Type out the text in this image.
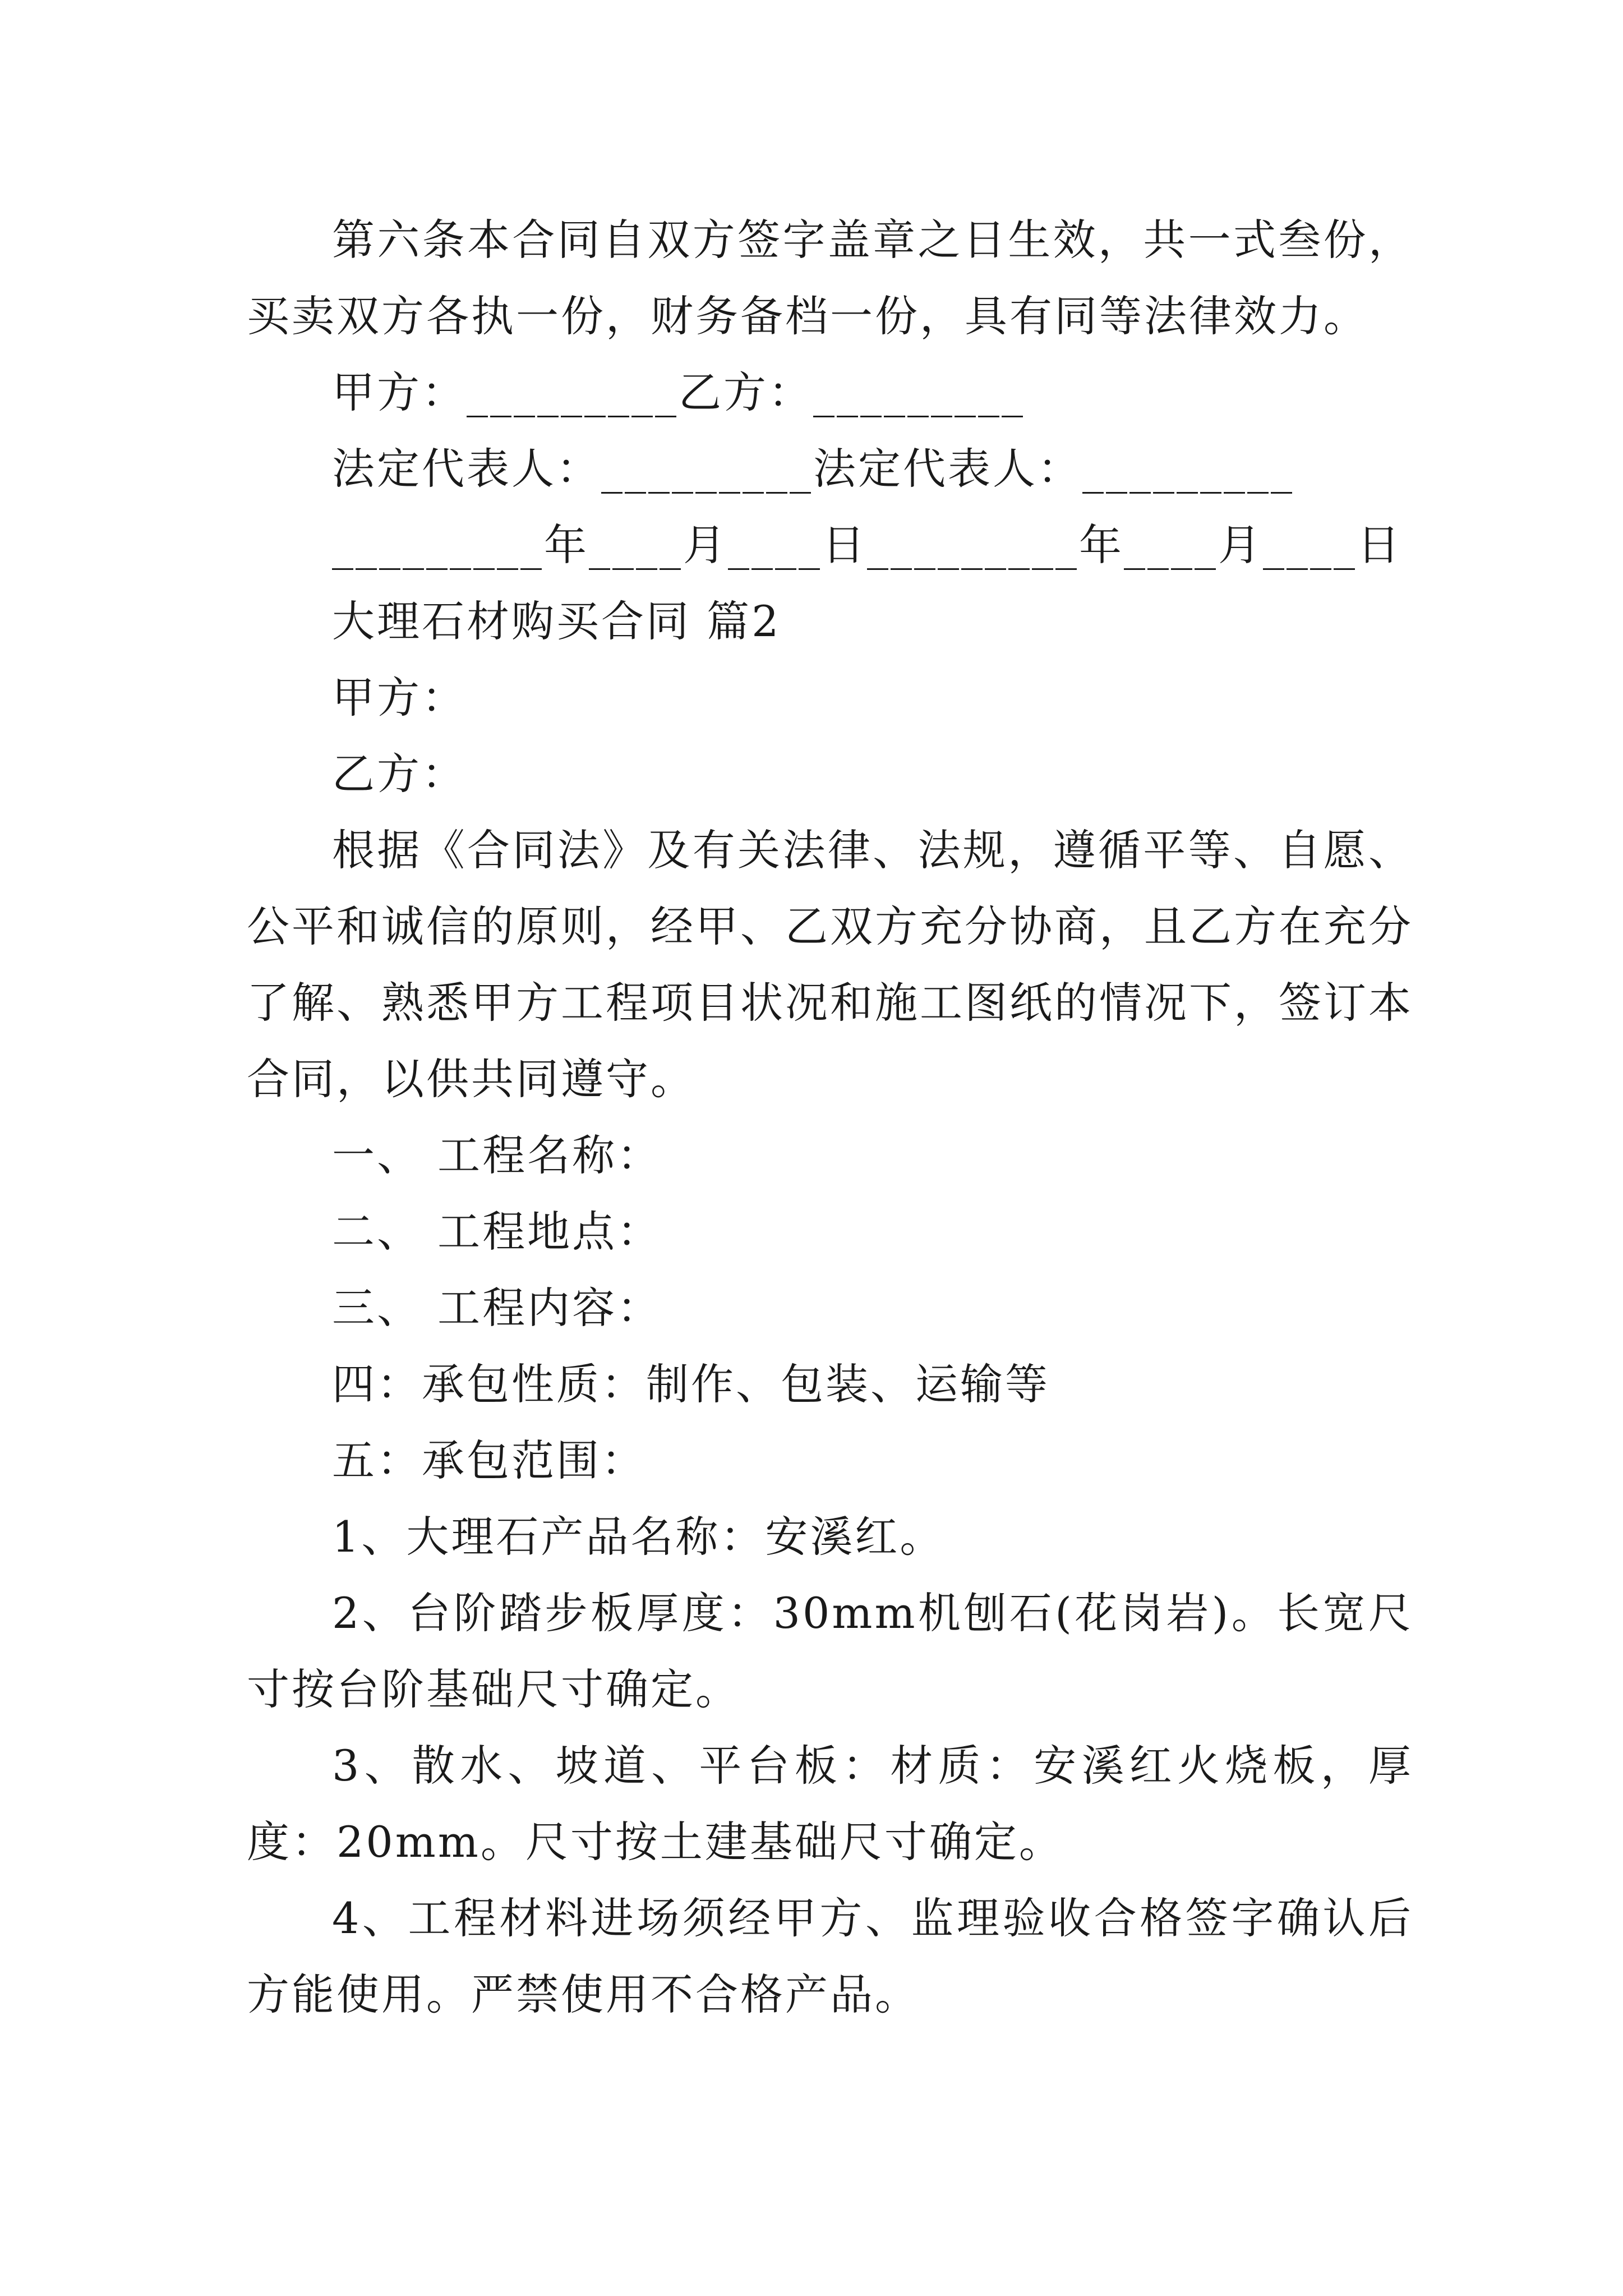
第六条本合同自双方签字盖章之日生效，共一式叁份，买卖双方各执一份，财务备档一份，具有同等法律效力。

甲方：_________乙方：_________

法定代表人：_________法定代表人：_________

_________年____月____日_________年____月____日

大理石材购买合同 篇2

甲方：

乙方：

根据《合同法》及有关法律、法规，遵循平等、自愿、公平和诚信的原则，经甲、乙双方充分协商，且乙方在充分了解、熟悉甲方工程项目状况和施工图纸的情况下，签订本合同，以供共同遵守。

一、 工程名称：

二、 工程地点：

三、 工程内容：

四：承包性质：制作、包装、运输等

五：承包范围：

1、大理石产品名称：安溪红。

2、台阶踏步板厚度：30mm机刨石(花岗岩)。长宽尺寸按台阶基础尺寸确定。

3、散水、坡道、平台板：材质：安溪红火烧板，厚度：20mm。尺寸按土建基础尺寸确定。

4、工程材料进场须经甲方、监理验收合格签字确认后方能使用。严禁使用不合格产品。
